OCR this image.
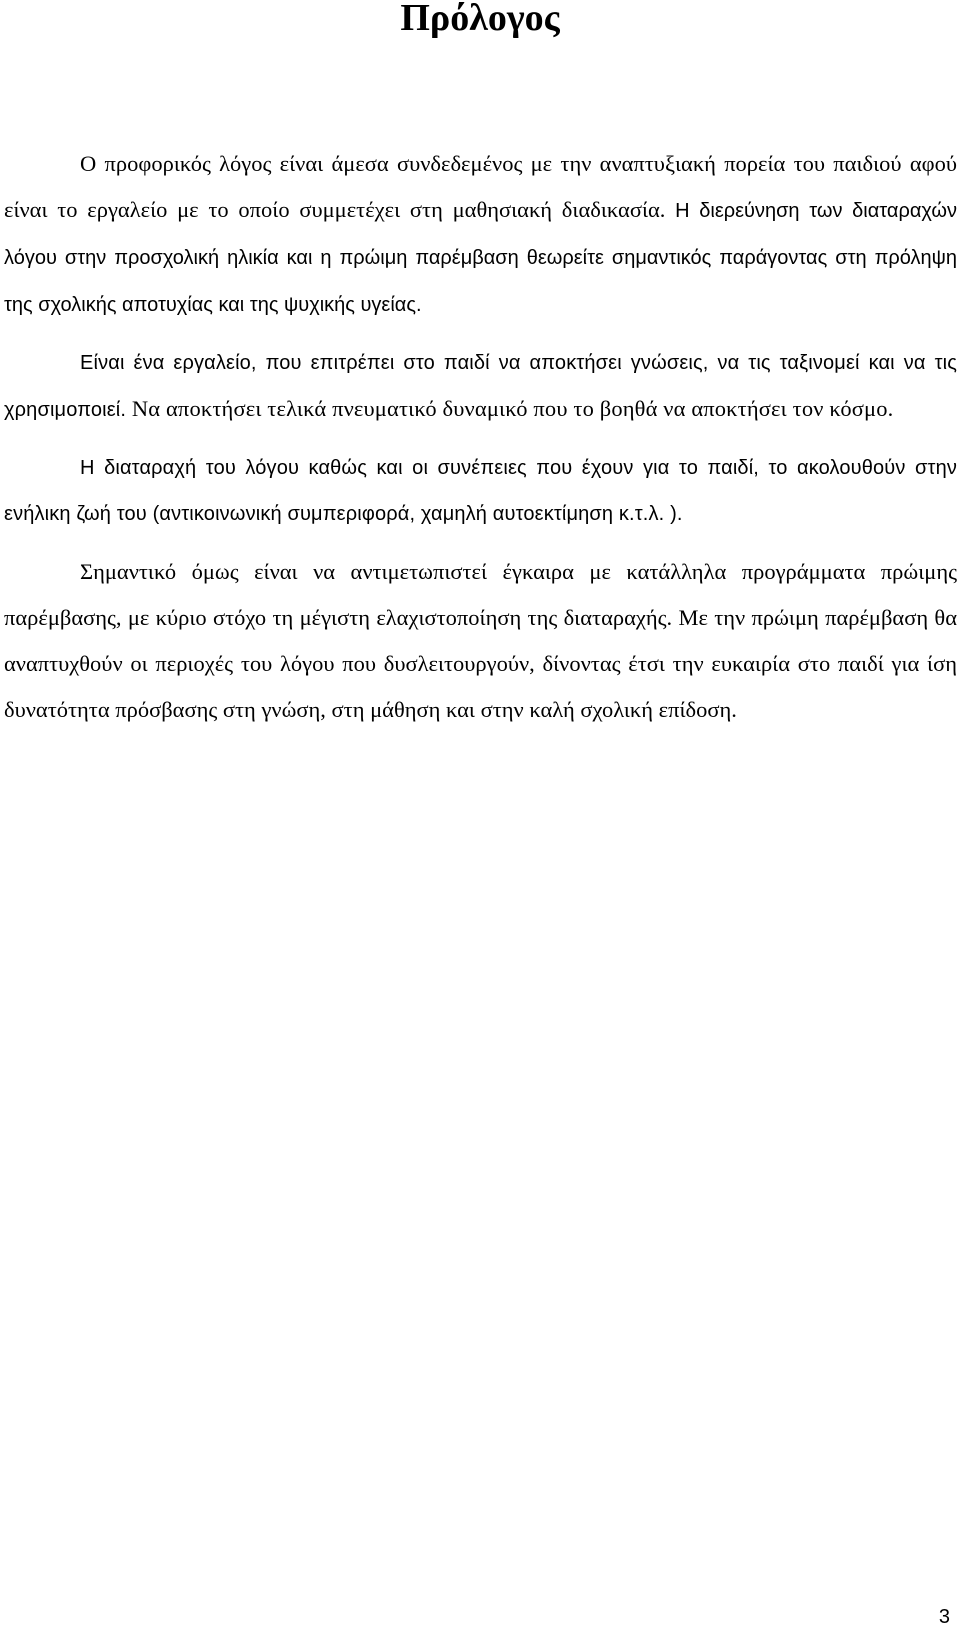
Πρόλογος

Ο προφορικός λόγος είναι άμεσα συνδεδεμένος με την αναπτυξιακή πορεία του παιδιού αφού είναι το εργαλείο με το οποίο συμμετέχει στη μαθησιακή διαδικασία. Η διερεύνηση των διαταραχών λόγου στην προσχολική ηλικία και η πρώιμη παρέμβαση θεωρείτε σημαντικός παράγοντας στη πρόληψη της σχολικής αποτυχίας και της ψυχικής υγείας.

Είναι ένα εργαλείο, που επιτρέπει στο παιδί να αποκτήσει γνώσεις, να τις ταξινομεί και να τις χρησιμοποιεί. Να αποκτήσει τελικά πνευματικό δυναμικό που το βοηθά να αποκτήσει τον κόσμο.

Η διαταραχή του λόγου καθώς και οι συνέπειες που έχουν για το παιδί, το ακολουθούν στην ενήλικη ζωή του (αντικοινωνική συμπεριφορά, χαμηλή αυτοεκτίμηση κ.τ.λ. ).

Σημαντικό όμως είναι να αντιμετωπιστεί έγκαιρα με κατάλληλα προγράμματα πρώιμης παρέμβασης, με κύριο στόχο τη μέγιστη ελαχιστοποίηση της διαταραχής. Με την πρώιμη παρέμβαση θα αναπτυχθούν οι περιοχές του λόγου που δυσλειτουργούν, δίνοντας έτσι την ευκαιρία στο παιδί για ίση δυνατότητα πρόσβασης στη γνώση, στη μάθηση και στην καλή σχολική επίδοση.

3
